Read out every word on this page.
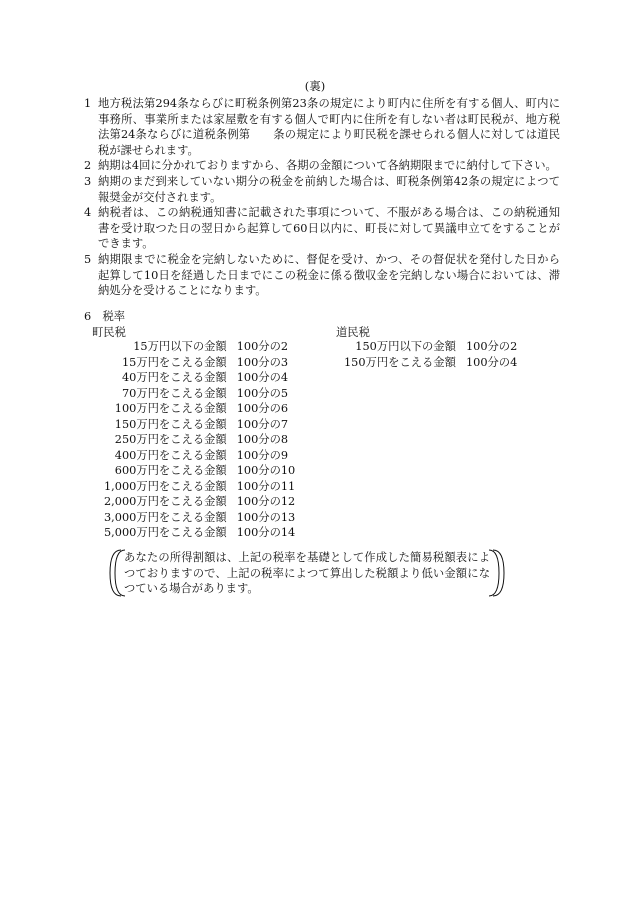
(裏)
1 地方税法第294条ならびに町税条例第23条の規定により町内に住所を有する個人、町内に事務所、事業所または家屋敷を有する個人で町内に住所を有しない者は町民税が、地方税法第24条ならびに道税条例第　　条の規定により町民税を課せられる個人に対しては道民税が課せられます。
2 納期は4回に分かれておりますから、各期の金額について各納期限までに納付して下さい。
3 納期のまだ到来していない期分の税金を前納した場合は、町税条例第42条の規定によつて報奨金が交付されます。
4 納税者は、この納税通知書に記載された事項について、不服がある場合は、この納税通知書を受け取つた日の翌日から起算して60日以内に、町長に対して異議申立てをすることができます。
5 納期限までに税金を完納しないために、督促を受け、かつ、その督促状を発付した日から起算して10日を経過した日までにこの税金に係る徴収金を完納しない場合においては、滞納処分を受けることになります。
6　税率
町民税
15万円以下の金額	100分の2
15万円をこえる金額	100分の3
40万円をこえる金額	100分の4
70万円をこえる金額	100分の5
100万円をこえる金額	100分の6
150万円をこえる金額	100分の7
250万円をこえる金額	100分の8
400万円をこえる金額	100分の9
600万円をこえる金額	100分の10
1,000万円をこえる金額	100分の11
2,000万円をこえる金額	100分の12
3,000万円をこえる金額	100分の13
5,000万円をこえる金額	100分の14
道民税
150万円以下の金額	100分の2
150万円をこえる金額	100分の4
あなたの所得割額は、上記の税率を基礎として作成した簡易税額表によつておりますので、上記の税率によつて算出した税額より低い金額になつている場合があります。
